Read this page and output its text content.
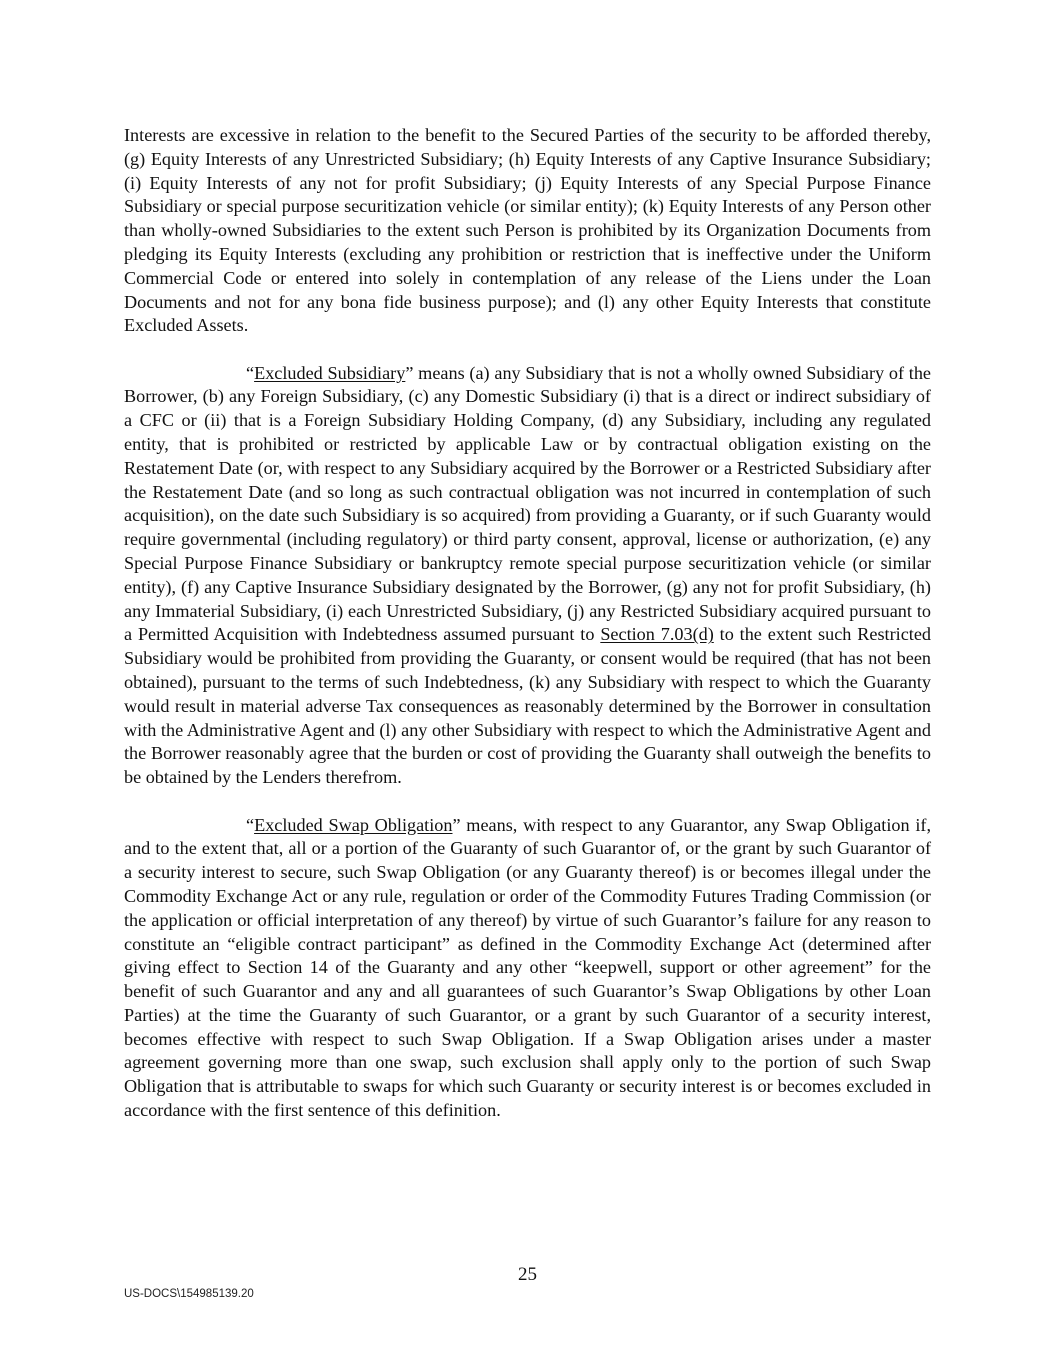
Interests are excessive in relation to the benefit to the Secured Parties of the security to be afforded thereby, (g) Equity Interests of any Unrestricted Subsidiary; (h) Equity Interests of any Captive Insurance Subsidiary; (i) Equity Interests of any not for profit Subsidiary; (j) Equity Interests of any Special Purpose Finance Subsidiary or special purpose securitization vehicle (or similar entity); (k) Equity Interests of any Person other than wholly-owned Subsidiaries to the extent such Person is prohibited by its Organization Documents from pledging its Equity Interests (excluding any prohibition or restriction that is ineffective under the Uniform Commercial Code or entered into solely in contemplation of any release of the Liens under the Loan Documents and not for any bona fide business purpose); and (l) any other Equity Interests that constitute Excluded Assets.

“Excluded Subsidiary” means (a) any Subsidiary that is not a wholly owned Subsidiary of the Borrower, (b) any Foreign Subsidiary, (c) any Domestic Subsidiary (i) that is a direct or indirect subsidiary of a CFC or (ii) that is a Foreign Subsidiary Holding Company, (d) any Subsidiary, including any regulated entity, that is prohibited or restricted by applicable Law or by contractual obligation existing on the Restatement Date (or, with respect to any Subsidiary acquired by the Borrower or a Restricted Subsidiary after the Restatement Date (and so long as such contractual obligation was not incurred in contemplation of such acquisition), on the date such Subsidiary is so acquired) from providing a Guaranty, or if such Guaranty would require governmental (including regulatory) or third party consent, approval, license or authorization, (e) any Special Purpose Finance Subsidiary or bankruptcy remote special purpose securitization vehicle (or similar entity), (f) any Captive Insurance Subsidiary designated by the Borrower, (g) any not for profit Subsidiary, (h) any Immaterial Subsidiary, (i) each Unrestricted Subsidiary, (j) any Restricted Subsidiary acquired pursuant to a Permitted Acquisition with Indebtedness assumed pursuant to Section 7.03(d) to the extent such Restricted Subsidiary would be prohibited from providing the Guaranty, or consent would be required (that has not been obtained), pursuant to the terms of such Indebtedness, (k) any Subsidiary with respect to which the Guaranty would result in material adverse Tax consequences as reasonably determined by the Borrower in consultation with the Administrative Agent and (l) any other Subsidiary with respect to which the Administrative Agent and the Borrower reasonably agree that the burden or cost of providing the Guaranty shall outweigh the benefits to be obtained by the Lenders therefrom.

“Excluded Swap Obligation” means, with respect to any Guarantor, any Swap Obligation if, and to the extent that, all or a portion of the Guaranty of such Guarantor of, or the grant by such Guarantor of a security interest to secure, such Swap Obligation (or any Guaranty thereof) is or becomes illegal under the Commodity Exchange Act or any rule, regulation or order of the Commodity Futures Trading Commission (or the application or official interpretation of any thereof) by virtue of such Guarantor’s failure for any reason to constitute an “eligible contract participant” as defined in the Commodity Exchange Act (determined after giving effect to Section 14 of the Guaranty and any other “keepwell, support or other agreement” for the benefit of such Guarantor and any and all guarantees of such Guarantor’s Swap Obligations by other Loan Parties) at the time the Guaranty of such Guarantor, or a grant by such Guarantor of a security interest, becomes effective with respect to such Swap Obligation. If a Swap Obligation arises under a master agreement governing more than one swap, such exclusion shall apply only to the portion of such Swap Obligation that is attributable to swaps for which such Guaranty or security interest is or becomes excluded in accordance with the first sentence of this definition.

25
US-DOCS\154985139.20
